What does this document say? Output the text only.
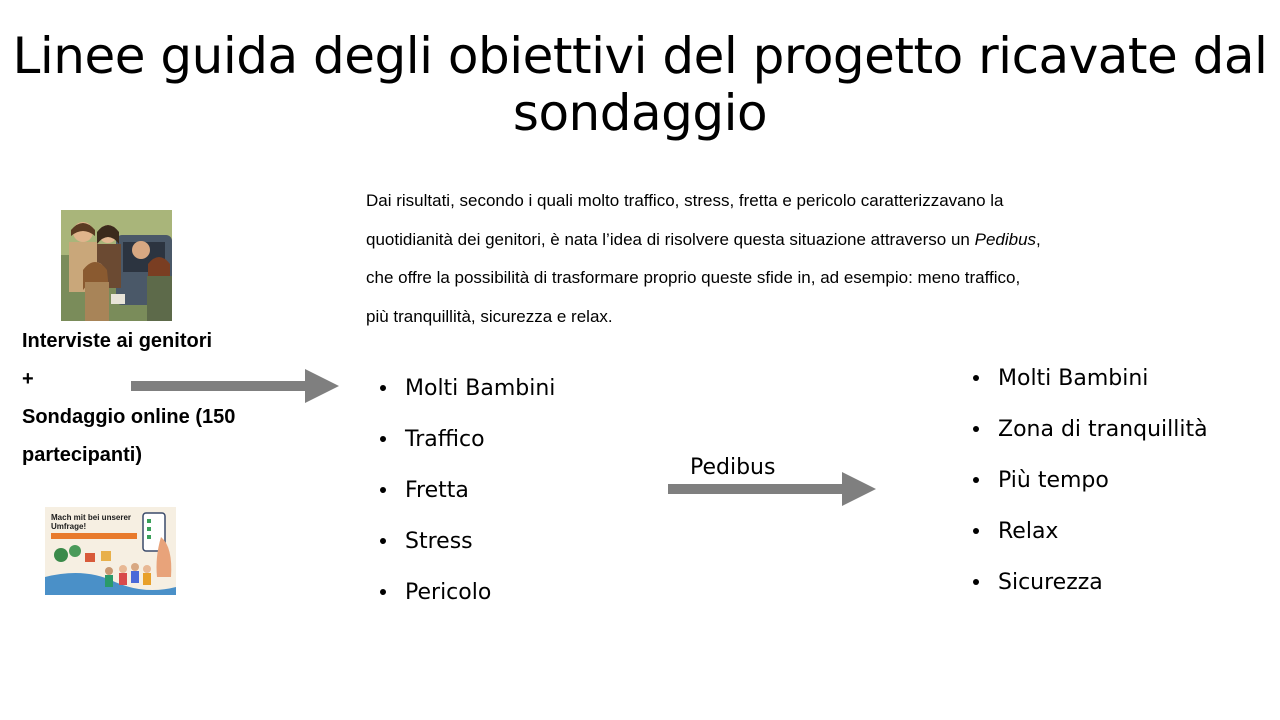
Linee guida degli obiettivi del progetto ricavate dal
sondaggio
Interviste ai genitori
+
Sondaggio online (150
partecipanti)
Mach mit bei unserer
Umfrage!
Dai risultati, secondo i quali molto traffico, stress, fretta e pericolo caratterizzavano la
quotidianità dei genitori, è nata l’idea di risolvere questa situazione attraverso un Pedibus,
che offre la possibilità di trasformare proprio queste sfide in, ad esempio: meno traffico,
più tranquillità, sicurezza e relax.
Molti Bambini
Traffico
Fretta
Stress
Pericolo
Pedibus
Molti Bambini
Zona di tranquillità
Più tempo
Relax
Sicurezza
